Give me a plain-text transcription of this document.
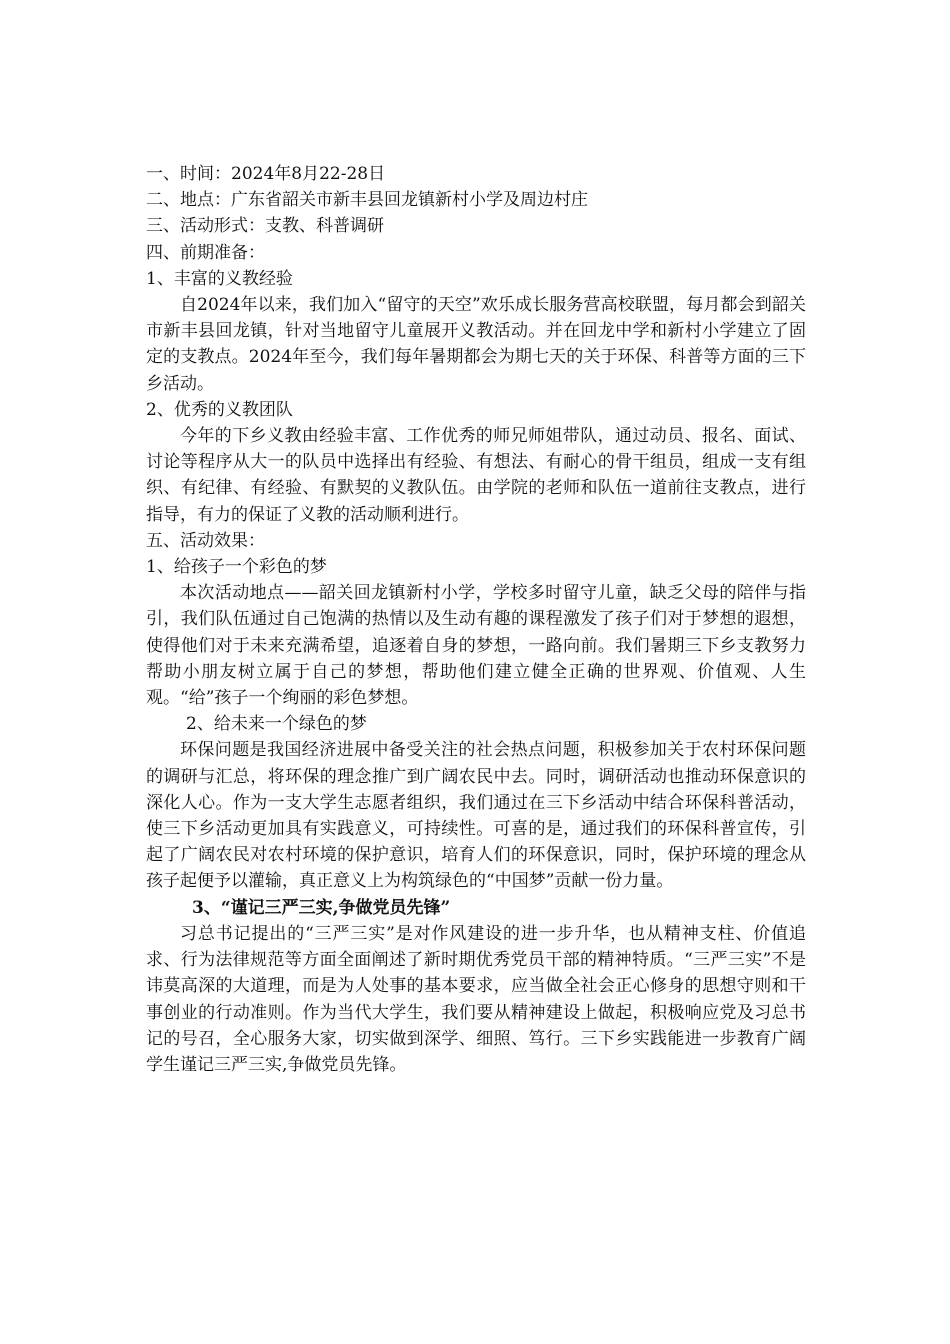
一、时间：2024年8月22-28日

二、地点：广东省韶关市新丰县回龙镇新村小学及周边村庄

三、活动形式：支教、科普调研

四、前期准备：

1、丰富的义教经验

自2024年以来，我们加入“留守的天空”欢乐成长服务营高校联盟，每月都会到韶关市新丰县回龙镇，针对当地留守儿童展开义教活动。并在回龙中学和新村小学建立了固定的支教点。2024年至今，我们每年暑期都会为期七天的关于环保、科普等方面的三下乡活动。

2、优秀的义教团队

今年的下乡义教由经验丰富、工作优秀的师兄师姐带队，通过动员、报名、面试、讨论等程序从大一的队员中选择出有经验、有想法、有耐心的骨干组员，组成一支有组织、有纪律、有经验、有默契的义教队伍。由学院的老师和队伍一道前往支教点，进行指导，有力的保证了义教的活动顺利进行。

五、活动效果：

1、给孩子一个彩色的梦

本次活动地点——韶关回龙镇新村小学，学校多时留守儿童，缺乏父母的陪伴与指引，我们队伍通过自己饱满的热情以及生动有趣的课程激发了孩子们对于梦想的遐想，使得他们对于未来充满希望，追逐着自身的梦想，一路向前。我们暑期三下乡支教努力帮助小朋友树立属于自己的梦想，帮助他们建立健全正确的世界观、价值观、人生观。“给”孩子一个绚丽的彩色梦想。

2、给未来一个绿色的梦

环保问题是我国经济进展中备受关注的社会热点问题，积极参加关于农村环保问题的调研与汇总，将环保的理念推广到广阔农民中去。同时，调研活动也推动环保意识的深化人心。作为一支大学生志愿者组织，我们通过在三下乡活动中结合环保科普活动，使三下乡活动更加具有实践意义，可持续性。可喜的是，通过我们的环保科普宣传，引起了广阔农民对农村环境的保护意识，培育人们的环保意识，同时，保护环境的理念从孩子起便予以灌输，真正意义上为构筑绿色的“中国梦”贡献一份力量。

3、“谨记三严三实,争做党员先锋”

习总书记提出的“三严三实”是对作风建设的进一步升华，也从精神支柱、价值追求、行为法律规范等方面全面阐述了新时期优秀党员干部的精神特质。“三严三实”不是讳莫高深的大道理，而是为人处事的基本要求，应当做全社会正心修身的思想守则和干事创业的行动准则。作为当代大学生，我们要从精神建设上做起，积极响应党及习总书记的号召，全心服务大家，切实做到深学、细照、笃行。三下乡实践能进一步教育广阔学生谨记三严三实,争做党员先锋。
